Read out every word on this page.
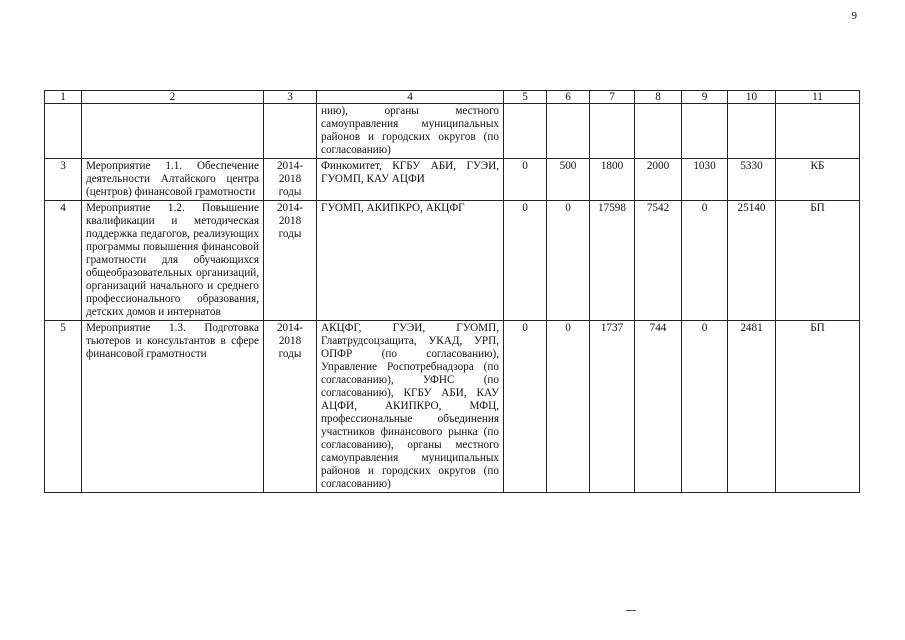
9
1	2	3	4	5	6	7	8	9	10	11
			нию), органы местного самоуправления муниципальных районов и городских округов (по согласованию)							
3	Мероприятие 1.1. Обеспечение деятельности Алтайского центра (центров) финансовой грамотности	2014-2018 годы	Финкомитет, КГБУ АБИ, ГУЭИ, ГУОМП, КАУ АЦФИ	0	500	1800	2000	1030	5330	КБ
4	Мероприятие 1.2. Повышение квалификации и методическая поддержка педагогов, реализующих программы повышения финансовой грамотности для обучающихся общеобразовательных организаций, организаций начального и среднего профессионального образования, детских домов и интернатов	2014-2018 годы	ГУОМП, АКИПКРО, АКЦФГ	0	0	17598	7542	0	25140	БП
5	Мероприятие 1.3. Подготовка тьютеров и консультантов в сфере финансовой грамотности	2014-2018 годы	АКЦФГ, ГУЭИ, ГУОМП, Главтрудсоцзащита, УКАД, УРП, ОПФР (по согласованию), Управление Роспотребнадзора (по согласованию), УФНС (по согласованию), КГБУ АБИ, КАУ АЦФИ, АКИПКРО, МФЦ, профессиональные объединения участников финансового рынка (по согласованию), органы местного самоуправления муниципальных районов и городских округов (по согласованию)	0	0	1737	744	0	2481	БП
